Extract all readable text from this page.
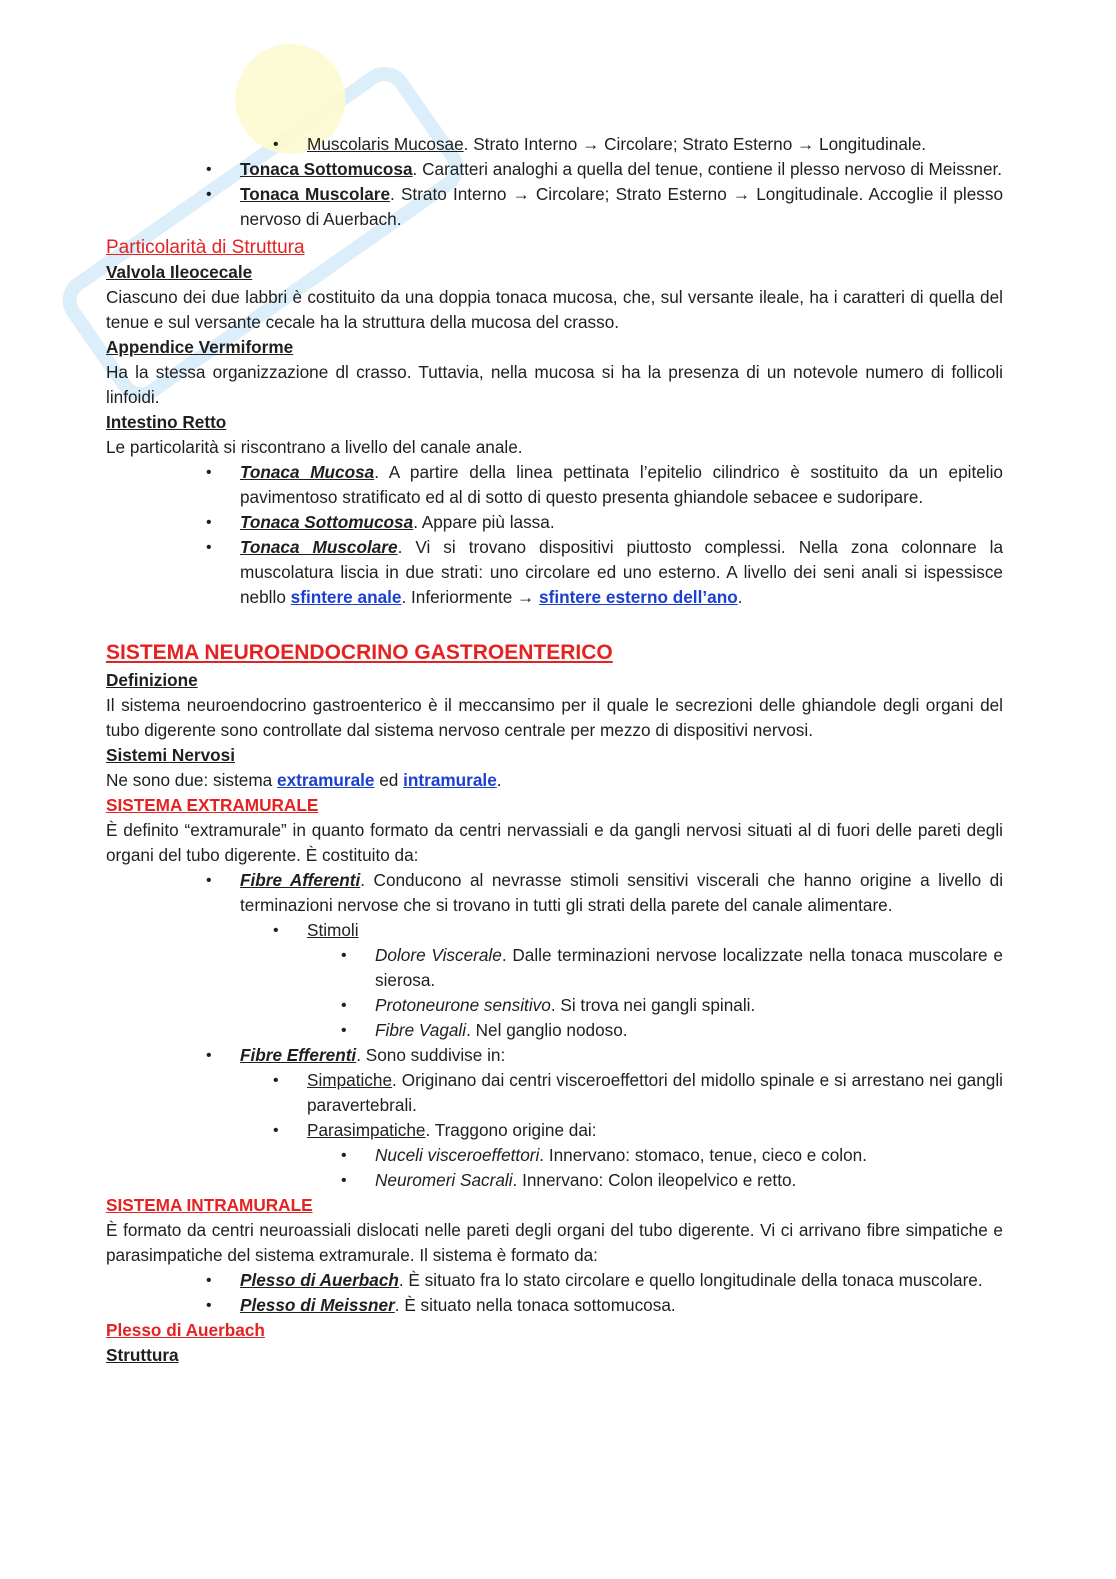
• Muscolaris Mucosae. Strato Interno → Circolare; Strato Esterno → Longitudinale.
• Tonaca Sottomucosa. Caratteri analoghi a quella del tenue, contiene il plesso nervoso di Meissner.
• Tonaca Muscolare. Strato Interno → Circolare; Strato Esterno → Longitudinale. Accoglie il plesso nervoso di Auerbach.

Particolarità di Struttura

Valvola Ileocecale

Ciascuno dei due labbri è costituito da una doppia tonaca mucosa, che, sul versante ileale, ha i caratteri di quella del tenue e sul versante cecale ha la struttura della mucosa del crasso.

Appendice Vermiforme

Ha la stessa organizzazione dl crasso. Tuttavia, nella mucosa si ha la presenza di un notevole numero di follicoli linfoidi.

Intestino Retto

Le particolarità si riscontrano a livello del canale anale.

• Tonaca Mucosa. A partire della linea pettinata l’epitelio cilindrico è sostituito da un epitelio pavimentoso stratificato ed al di sotto di questo presenta ghiandole sebacee e sudoripare.
• Tonaca Sottomucosa. Appare più lassa.
• Tonaca Muscolare. Vi si trovano dispositivi piuttosto complessi. Nella zona colonnare la muscolatura liscia in due strati: uno circolare ed uno esterno. A livello dei seni anali si ispessisce nebllo sfintere anale. Inferiormente → sfintere esterno dell’ano.

SISTEMA NEUROENDOCRINO GASTROENTERICO

Definizione

Il sistema neuroendocrino gastroenterico è il meccansimo per il quale le secrezioni delle ghiandole degli organi del tubo digerente sono controllate dal sistema nervoso centrale per mezzo di dispositivi nervosi.

Sistemi Nervosi

Ne sono due: sistema extramurale ed intramurale.

SISTEMA EXTRAMURALE

È definito “extramurale” in quanto formato da centri nervassiali e da gangli nervosi situati al di fuori delle pareti degli organi del tubo digerente. È costituito da:

• Fibre Afferenti. Conducono al nevrasse stimoli sensitivi viscerali che hanno origine a livello di terminazioni nervose che si trovano in tutti gli strati della parete del canale alimentare.
• Stimoli
• Dolore Viscerale. Dalle terminazioni nervose localizzate nella tonaca muscolare e sierosa.
• Protoneurone sensitivo. Si trova nei gangli spinali.
• Fibre Vagali. Nel ganglio nodoso.
• Fibre Efferenti. Sono suddivise in:
• Simpatiche. Originano dai centri visceroeffettori del midollo spinale e si arrestano nei gangli paravertebrali.
• Parasimpatiche. Traggono origine dai:
• Nuceli visceroeffettori. Innervano: stomaco, tenue, cieco e colon.
• Neuromeri Sacrali. Innervano: Colon ileopelvico e retto.

SISTEMA INTRAMURALE

È formato da centri neuroassiali dislocati nelle pareti degli organi del tubo digerente. Vi ci arrivano fibre simpatiche e parasimpatiche del sistema extramurale. Il sistema è formato da:

• Plesso di Auerbach. È situato fra lo stato circolare e quello longitudinale della tonaca muscolare.
• Plesso di Meissner. È situato nella tonaca sottomucosa.

Plesso di Auerbach

Struttura
